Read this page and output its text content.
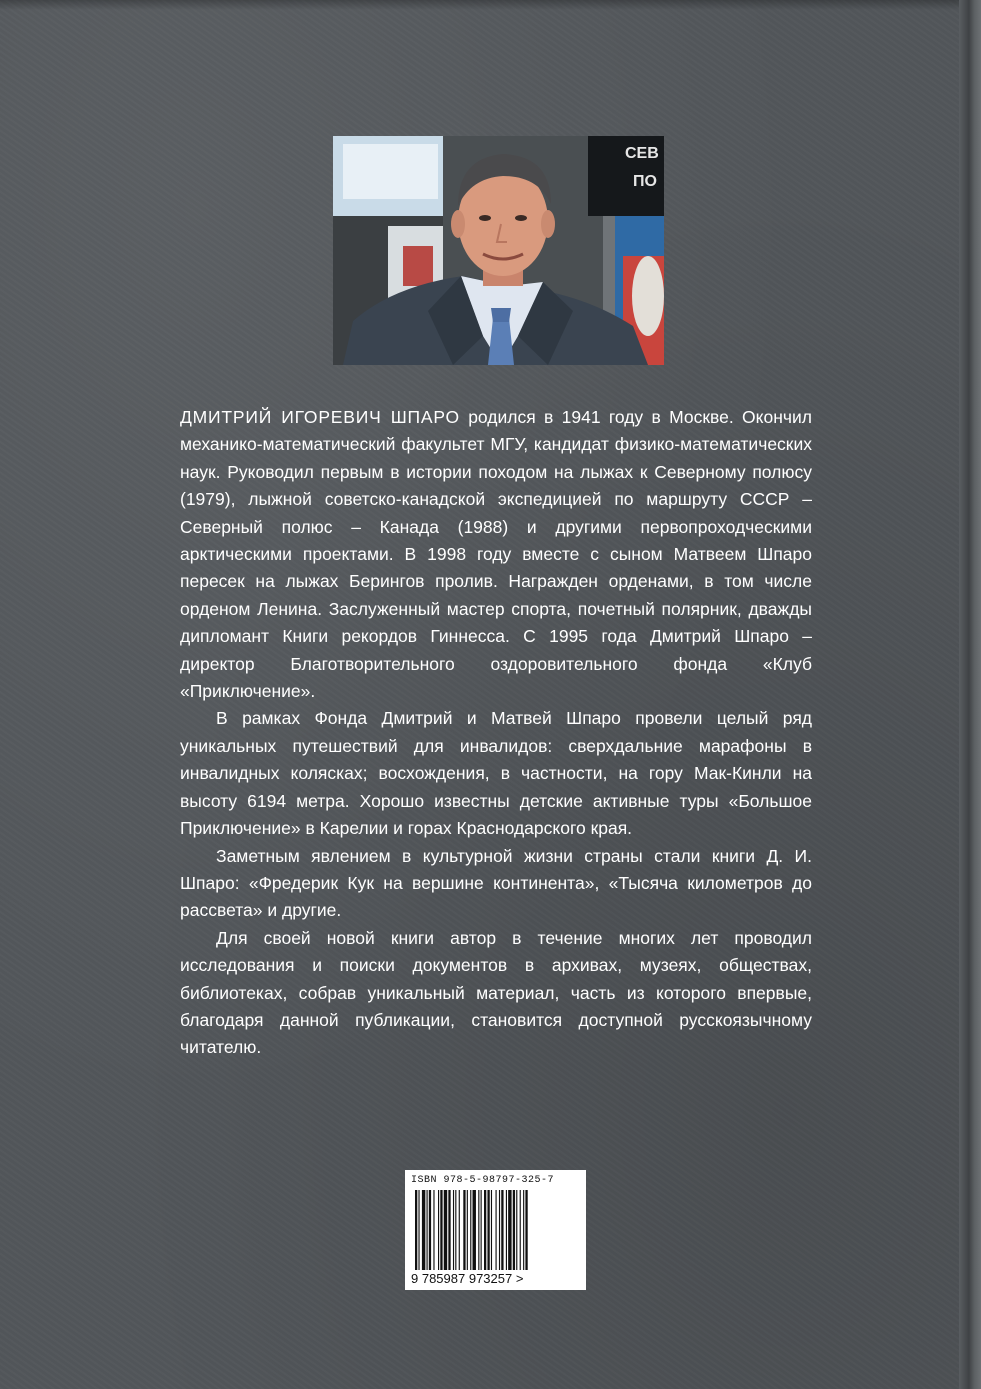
СЕВ
ПО

ДМИТРИЙ ИГОРЕВИЧ ШПАРО родился в 1941 году в Москве. Окончил механико-математический факультет МГУ, кандидат физико-математических наук. Руководил первым в истории походом на лыжах к Северному полюсу (1979), лыжной советско-канадской экспедицией по маршруту СССР – Северный полюс – Канада (1988) и другими первопроходческими арктическими проектами. В 1998 году вместе с сыном Матвеем Шпаро пересек на лыжах Берингов пролив. Награжден орденами, в том числе орденом Ленина. Заслуженный мастер спорта, почетный полярник, дважды дипломант Книги рекордов Гиннесса. С 1995 года Дмитрий Шпаро – директор Благотворительного оздоровительного фонда «Клуб «Приключение».

В рамках Фонда Дмитрий и Матвей Шпаро провели целый ряд уникальных путешествий для инвалидов: сверхдальние марафоны в инвалидных колясках; восхождения, в частности, на гору Мак-Кинли на высоту 6194 метра. Хорошо известны детские активные туры «Большое Приключение» в Карелии и горах Краснодарского края.

Заметным явлением в культурной жизни страны стали книги Д. И. Шпаро: «Фредерик Кук на вершине континента», «Тысяча километров до рассвета» и другие.

Для своей новой книги автор в течение многих лет проводил исследования и поиски документов в архивах, музеях, обществах, библиотеках, собрав уникальный материал, часть из которого впервые, благодаря данной публикации, становится доступной русскоязычному читателю.

ISBN 978-5-98797-325-7
9 785987 973257 >
